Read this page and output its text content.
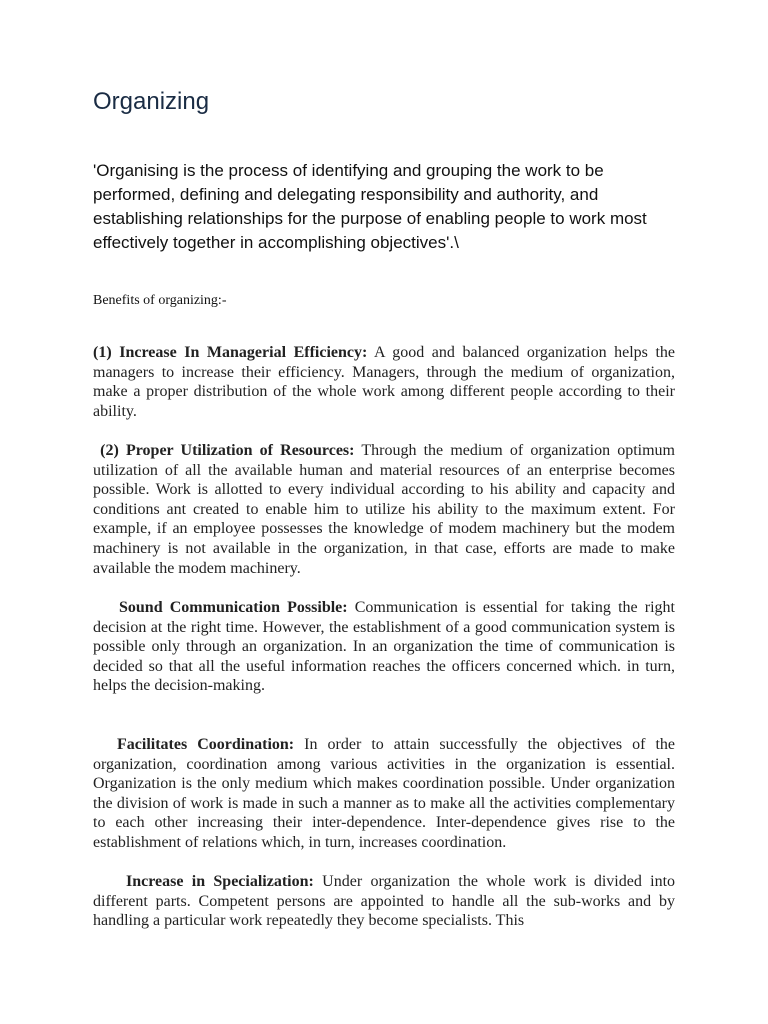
Organizing

'Organising is the process of identifying and grouping the work to be performed, defining and delegating responsibility and authority, and establishing relationships for the purpose of enabling people to work most effectively together in accomplishing objectives'.\

Benefits of organizing:-

(1) Increase In Managerial Efficiency: A good and balanced organization helps the managers to increase their efficiency. Managers, through the medium of organization, make a proper distribution of the whole work among different people according to their ability.

(2) Proper Utilization of Resources: Through the medium of organization optimum utilization of all the available human and material resources of an enterprise becomes possible. Work is allotted to every individual according to his ability and capacity and conditions ant created to enable him to utilize his ability to the maximum extent. For example, if an employee possesses the knowledge of modem machinery but the modem machinery is not available in the organization, in that case, efforts are made to make available the modem machinery.

Sound Communication Possible: Communication is essential for taking the right decision at the right time. However, the establishment of a good communication system is possible only through an organization. In an organization the time of communication is decided so that all the useful information reaches the officers concerned which. in turn, helps the decision-making.

Facilitates Coordination: In order to attain successfully the objectives of the organization, coordination among various activities in the organization is essential. Organization is the only medium which makes coordination possible. Under organization the division of work is made in such a manner as to make all the activities complementary to each other increasing their inter-dependence. Inter-dependence gives rise to the establishment of relations which, in turn, increases coordination.

Increase in Specialization: Under organization the whole work is divided into different parts. Competent persons are appointed to handle all the sub-works and by handling a particular work repeatedly they become specialists. This
